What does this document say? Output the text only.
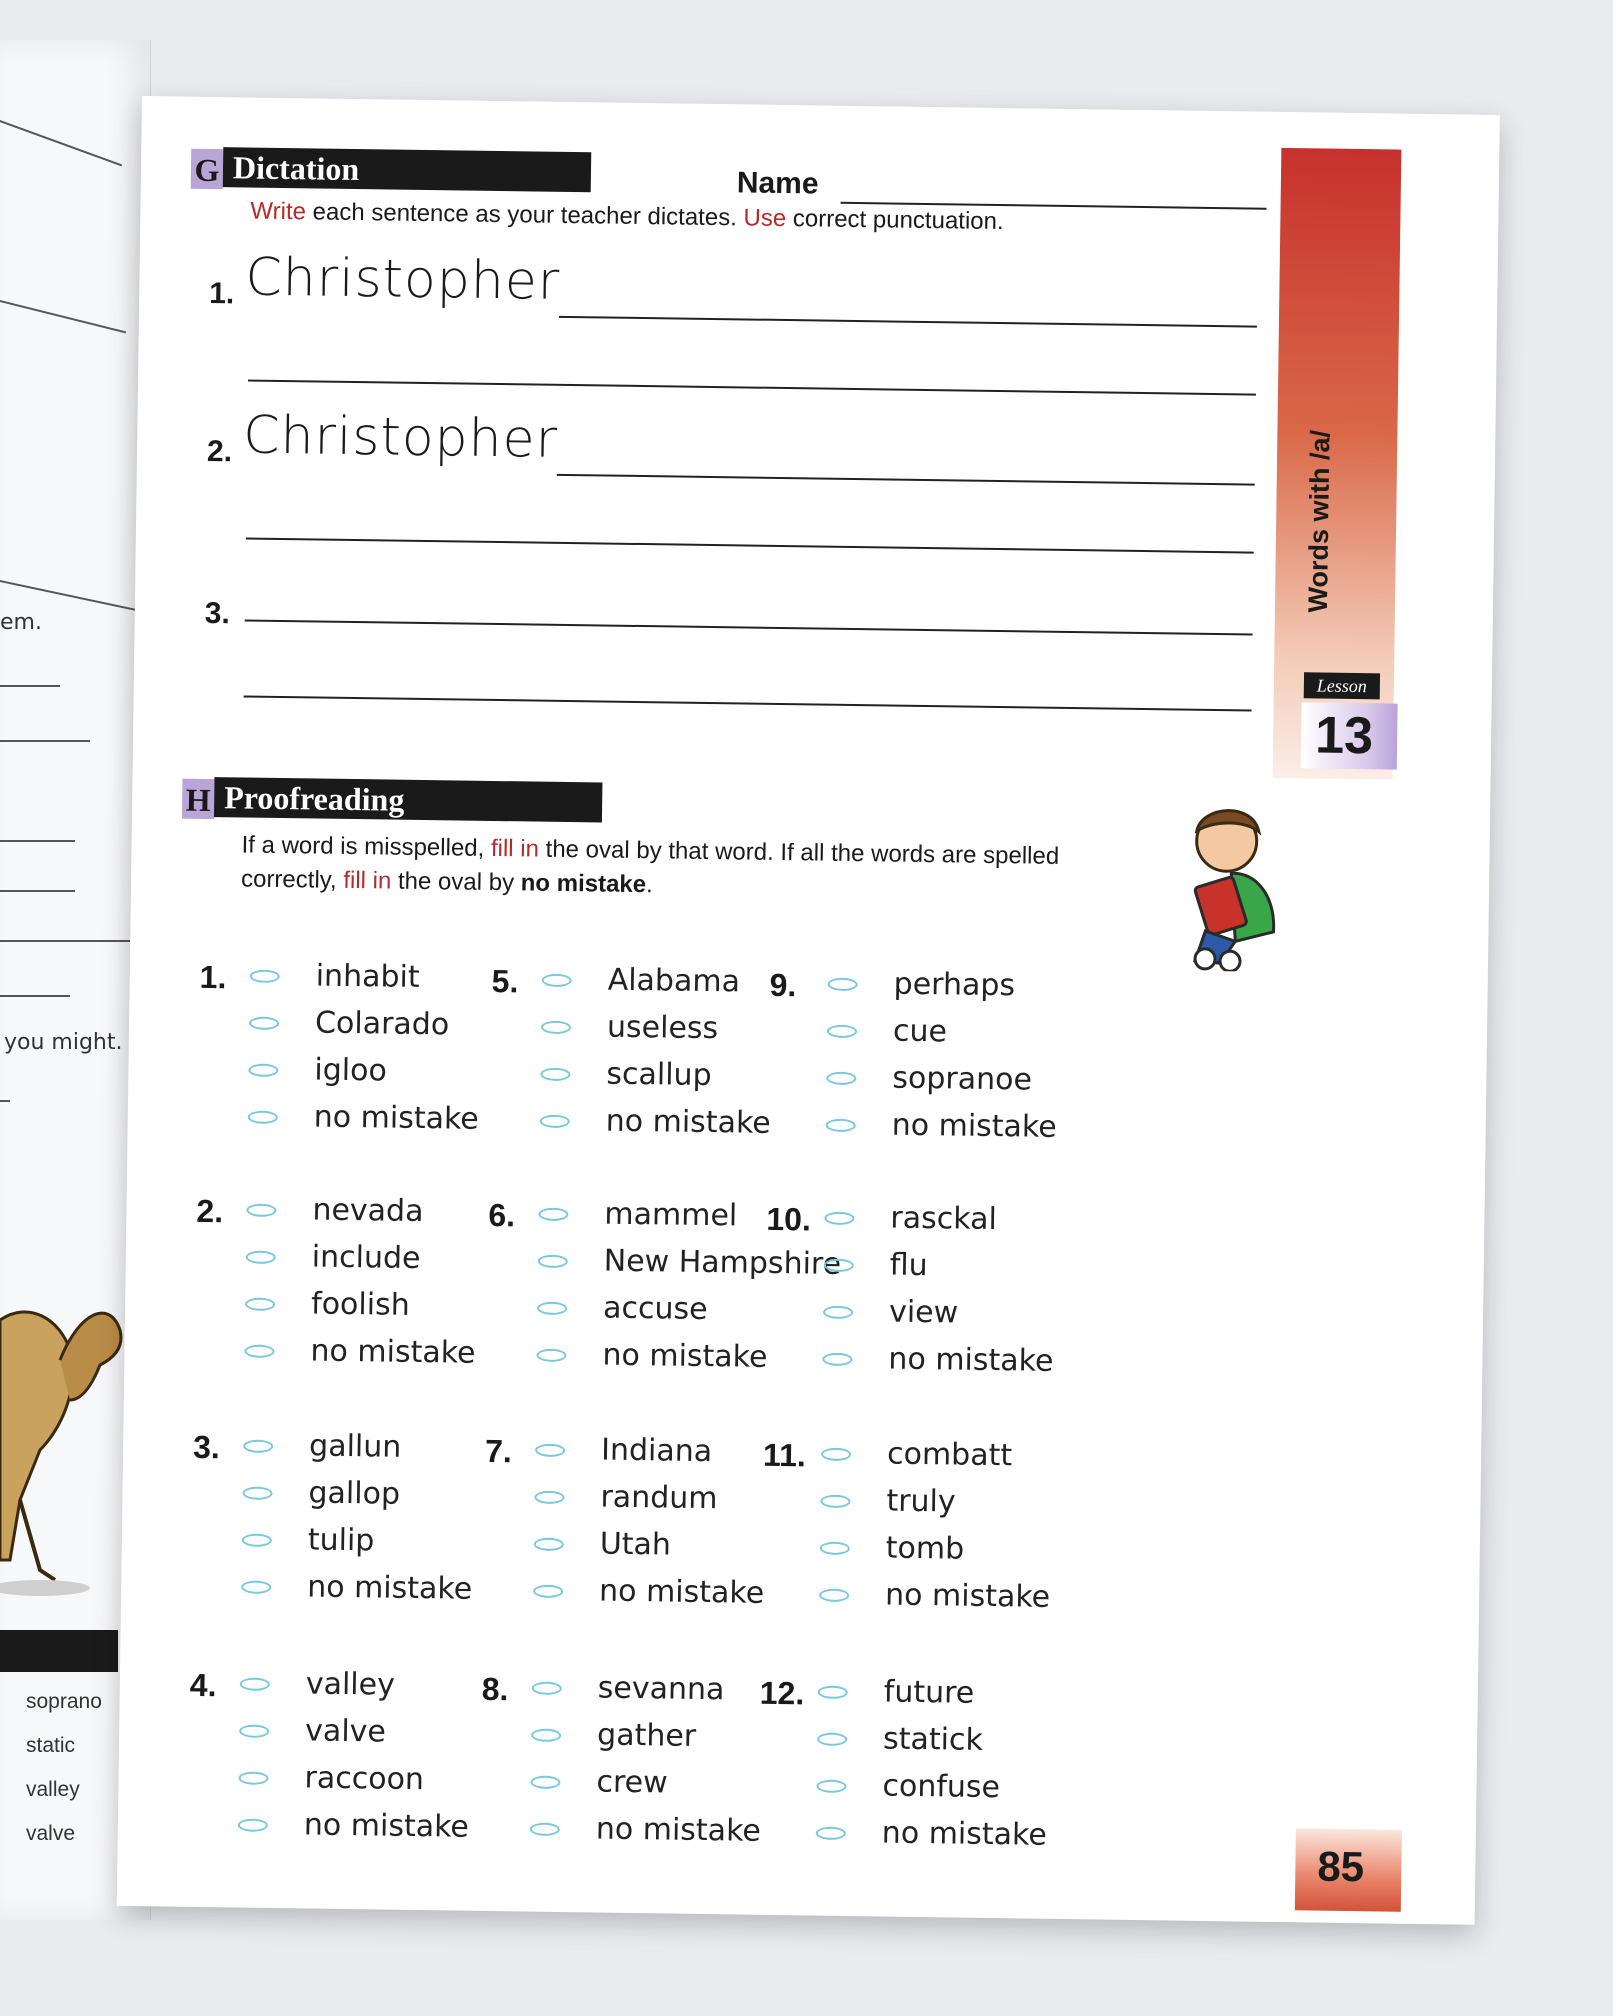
em.
you might.
soprano
static
valley
valve
Words with /a/
Lesson
13
G Dictation	Name
Write each sentence as your teacher dictates. Use correct punctuation.
1. Christopher
2. Christopher
3.
H Proofreading
If a word is misspelled, fill in the oval by that word. If all the words are spelled
correctly, fill in the oval by no mistake.
1.	inhabit
Colarado
igloo
no mistake
2.	nevada
include
foolish
no mistake
3.	gallun
gallop
tulip
no mistake
4.	valley
valve
raccoon
no mistake
5.	Alabama
useless
scallup
no mistake
6.	mammel
New Hampshire
accuse
no mistake
7.	Indiana
randum
Utah
no mistake
8.	sevanna
gather
crew
no mistake
9.	perhaps
cue
sopranoe
no mistake
10.	rasckal
flu
view
no mistake
11.	combatt
truly
tomb
no mistake
12.	future
statick
confuse
no mistake
85
